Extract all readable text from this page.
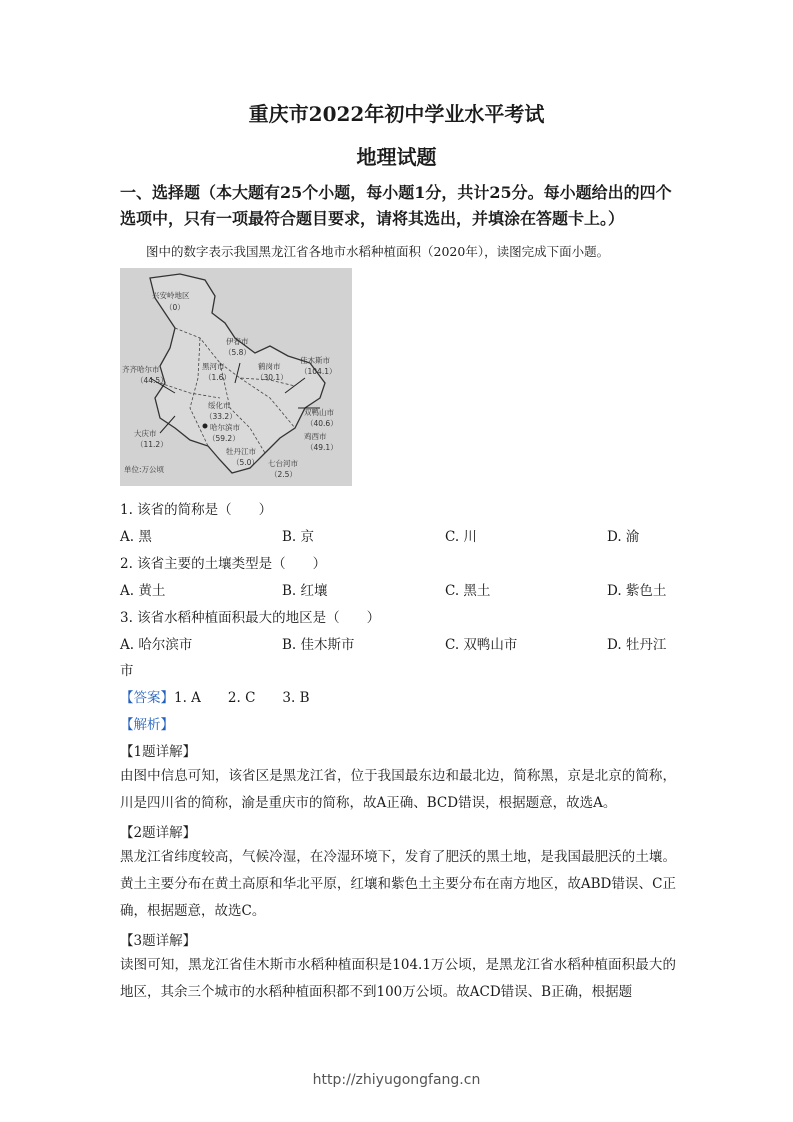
重庆市2022年初中学业水平考试
地理试题
一、选择题（本大题有25个小题，每小题1分，共计25分。每小题给出的四个选项中，只有一项最符合题目要求，请将其选出，并填涂在答题卡上。）
图中的数字表示我国黑龙江省各地市水稻种植面积（2020年），读图完成下面小题。
兴安岭地区
（0）
伊春市
（5.8）
黑河市
（1.6）
鹤岗市
（30.1）
佳木斯市
（104.1）
齐齐哈尔市
（44.5）
绥化市
（33.2）
哈尔滨市
（59.2）
双鸭山市
（40.6）
鸡西市
（49.1）
大庆市
（11.2）
牡丹江市
（5.0） 七台河市
（2.5）
单位:万公顷
1. 该省的简称是（　　）
A. 黑	B. 京	C. 川	D. 渝
2. 该省主要的土壤类型是（　　）
A. 黄土	B. 红壤	C. 黑土	D. 紫色土
3. 该省水稻种植面积最大的地区是（　　）
A. 哈尔滨市	B. 佳木斯市	C. 双鸭山市	D. 牡丹江
市
【答案】1. A　　2. C　　3. B
【解析】
【1题详解】
由图中信息可知，该省区是黑龙江省，位于我国最东边和最北边，简称黑，京是北京的简称，川是四川省的简称，渝是重庆市的简称，故A正确、BCD错误，根据题意，故选A。
【2题详解】
黑龙江省纬度较高，气候冷湿，在冷湿环境下，发育了肥沃的黑土地，是我国最肥沃的土壤。黄土主要分布在黄土高原和华北平原，红壤和紫色土主要分布在南方地区，故ABD错误、C正确，根据题意，故选C。
【3题详解】
读图可知，黑龙江省佳木斯市水稻种植面积是104.1万公顷，是黑龙江省水稻种植面积最大的地区，其余三个城市的水稻种植面积都不到100万公顷。故ACD错误、B正确，根据题
http://zhiyugongfang.cn
